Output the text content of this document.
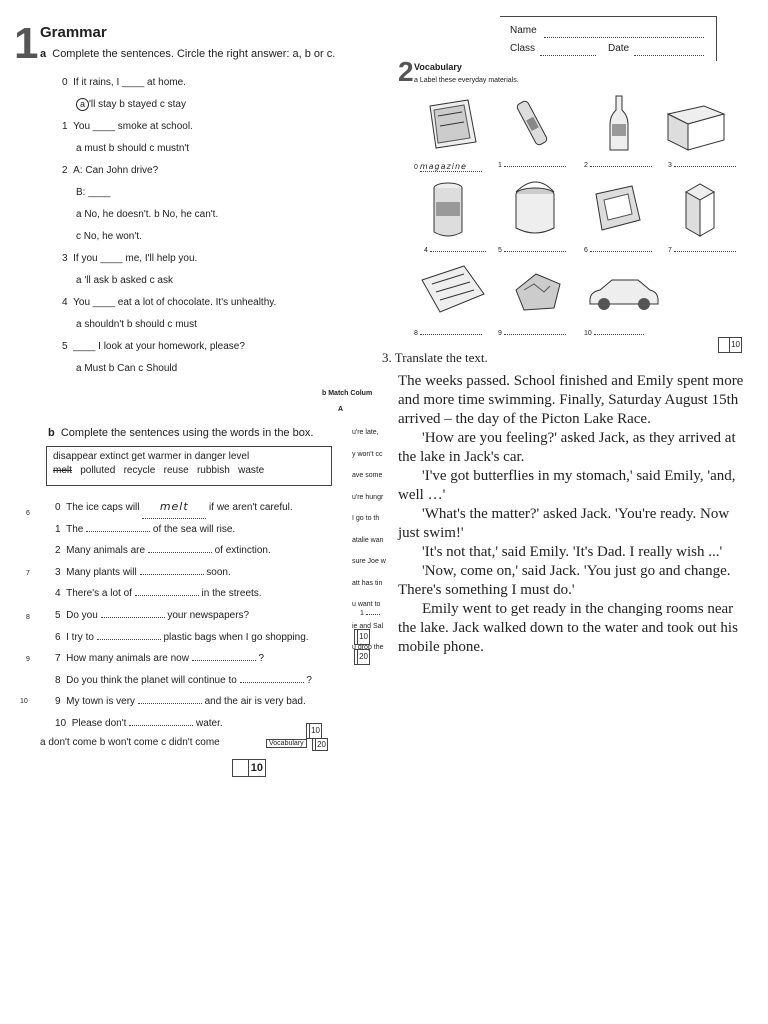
Name
Class	Date
1 Grammar
a Complete the sentences. Circle the right answer: a, b or c.
0 If it rains, I ____ at home.
a 'll stay b stayed c stay
1 You ____ smoke at school.
a must b should c mustn't
2 A: Can John drive?
B: ____
a No, he doesn't. b No, he can't.
c No, he won't.
3 If you ____ me, I'll help you.
a 'll ask b asked c ask
4 You ____ eat a lot of chocolate. It's unhealthy.
a shouldn't b should c must
5 ____ I look at your homework, please?
a Must b Can c Should
2 Vocabulary
a Label these everyday materials.
0 magazine	1	2	3
4	5	6	7
8	9	10
10
3. Translate the text.

The weeks passed. School finished and Emily spent more and more time swimming. Finally, Saturday August 15th arrived – the day of the Picton Lake Race.

'How are you feeling?' asked Jack, as they arrived at the lake in Jack's car.

'I've got butterflies in my stomach,' said Emily, 'and, well …'

'What's the matter?' asked Jack. 'You're ready. Now just swim!'

'It's not that,' said Emily. 'It's Dad. I really wish ...'

'Now, come on,' said Jack. 'You just go and change. There's something I must do.'

Emily went to get ready in the changing rooms near the lake. Jack walked down to the water and took out his mobile phone.

b Match Colum
A
u're late,
y won't cc
ave some
u're hungr
I go to th
atalie wan
sure Joe w
att has tin
u want to
ie and Sal
u drop the
1
10
20
b Complete the sentences using the words in the box.
disappear extinct get warmer in danger level
melt   polluted   recycle   reuse   rubbish   waste
6
7
8
9
10
0 The ice caps will melt if we aren't careful.
1 The	of the sea will rise.
2 Many animals are	of extinction.
3 Many plants will	soon.
4 There's a lot of	in the streets.
5 Do you	your newspapers?
6 I try to	plastic bags when I go shopping.
7 How many animals are now	?
8 Do you think the planet will continue to	?
9 My town is very	and the air is very bad.
10 Please don't	water.
10
a don't come b won't come c didn't come	Vocabulary	20
10
